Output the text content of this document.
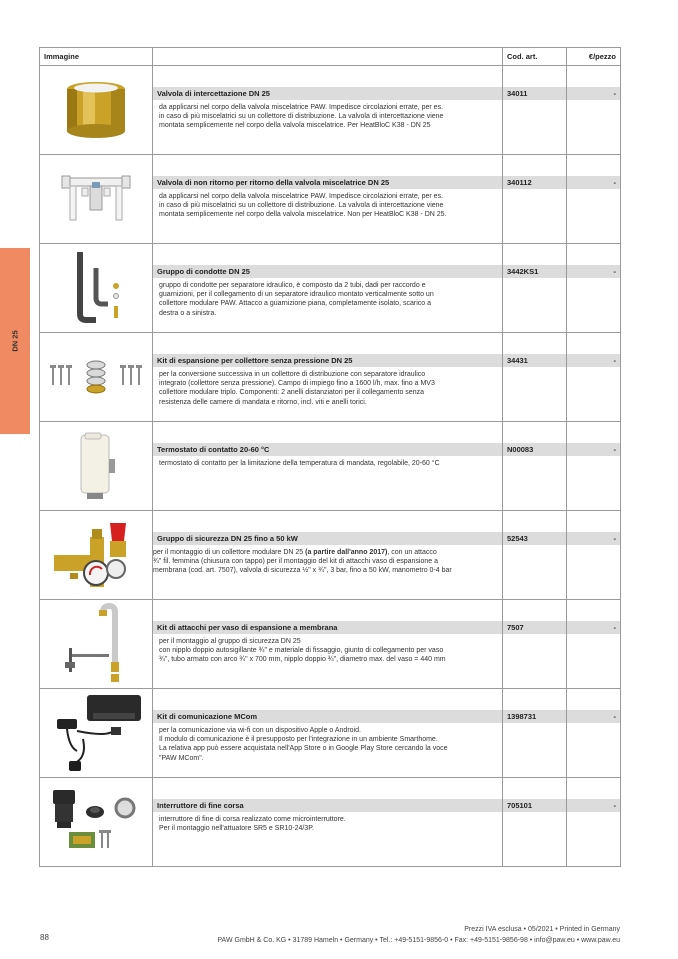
DN 25
Immagine		Cod. art.	€/pezzo

Valvola di intercettazione DN 25
da applicarsi nel corpo della valvola miscelatrice PAW. Impedisce circolazioni errate, per es.
in caso di più miscelatrici su un collettore di distribuzione. La valvola di intercettazione viene
montata semplicemente nel corpo della valvola miscelatrice. Per HeatBloC K38 - DN 25	34011	-

Valvola di non ritorno per ritorno della valvola miscelatrice DN 25
da applicarsi nel corpo della valvola miscelatrice PAW. Impedisce circolazioni errate, per es.
in caso di più miscelatrici su un collettore di distribuzione. La valvola di intercettazione viene
montata semplicemente nel corpo della valvola miscelatrice. Non per HeatBloC K38 - DN 25.	340112	-

Gruppo di condotte DN 25
gruppo di condotte per separatore idraulico, è composto da 2 tubi, dadi per raccordo e
guarnizioni, per il collegamento di un separatore idraulico montato verticalmente sotto un
collettore modulare PAW. Attacco a guarnizione piana, completamente isolato, scarico a
destra o a sinistra.	3442KS1	-

Kit di espansione per collettore senza pressione DN 25
per la conversione successiva in un collettore di distribuzione con separatore idraulico
integrato (collettore senza pressione). Campo di impiego fino a 1600 l/h, max. fino a MV3
collettore modulare triplo. Componenti: 2 anelli distanziatori per il collegamento senza
resistenza delle camere di mandata e ritorno, incl. viti e anelli torici.	34431	-

Termostato di contatto 20-60 °C
termostato di contatto per la limitazione della temperatura di mandata, regolabile, 20-60 °C	N00083	-

Gruppo di sicurezza DN 25 fino a 50 kW
per il montaggio di un collettore modulare DN 25 (a partire dall'anno 2017), con un attacco
¾" fil. femmina (chiusura con tappo) per il montaggio del kit di attacchi vaso di espansione a
membrana (cod. art. 7507), valvola di sicurezza ½" x ¾", 3 bar, fino a 50 kW, manometro 0-4 bar	52543	-

Kit di attacchi per vaso di espansione a membrana
per il montaggio al gruppo di sicurezza DN 25
con nipplo doppio autosigillante ¾" e materiale di fissaggio, giunto di collegamento per vaso
¾", tubo armato con arco ¾" x 700 mm, nipplo doppio ¾", diametro max. del vaso = 440 mm	7507	-

Kit di comunicazione MCom
per la comunicazione via wi-fi con un dispositivo Apple o Android.
Il modulo di comunicazione è il presupposto per l'integrazione in un ambiente Smarthome.
La relativa app può essere acquistata nell'App Store o in Google Play Store cercando la voce
"PAW MCom".	1398731	-

Interruttore di fine corsa
interruttore di fine di corsa realizzato come microinterruttore.
Per il montaggio nell'attuatore SR5 e SR10-24/3P.	705101	-
Prezzi IVA esclusa • 05/2021 • Printed in Germany
PAW GmbH & Co. KG • 31789 Hameln • Germany • Tel.: +49-5151-9856-0 • Fax: +49-5151-9856-98 • info@paw.eu • www.paw.eu
88
